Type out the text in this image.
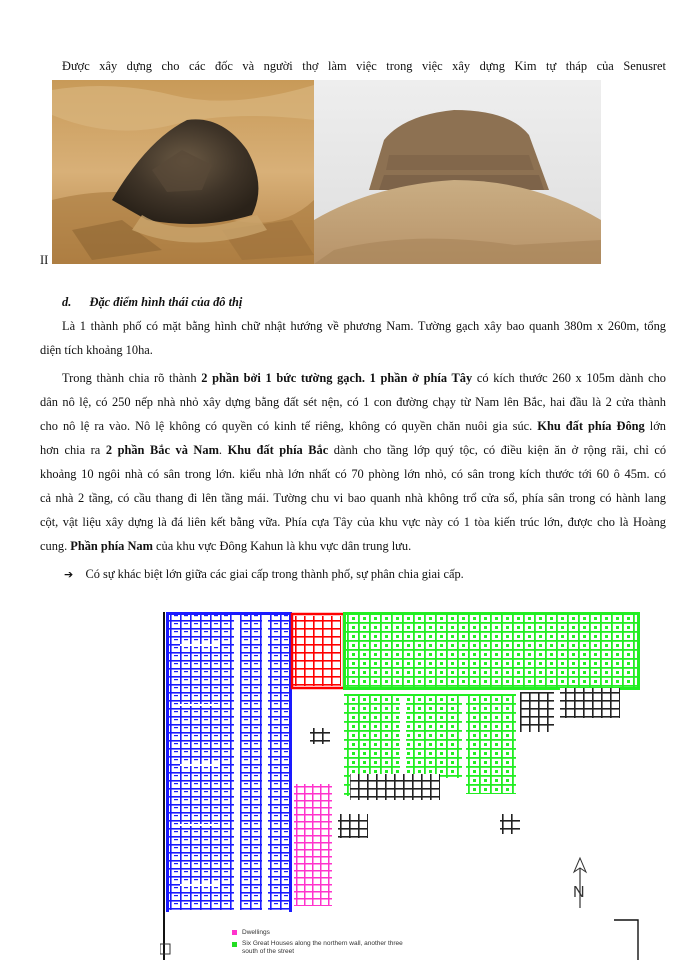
Được xây dựng cho các đốc và người thợ làm việc trong việc xây dựng Kim tự tháp của Senusret
II
d. Đặc điểm hình thái của đô thị
Là 1 thành phố có mặt bằng hình chữ nhật hướng về phương Nam. Tường gạch xây bao quanh 380m x 260m, tổng
diện tích khoảng 10ha.
Trong thành chia rõ thành 2 phần bởi 1 bức tường gạch. 1 phần ở phía Tây có kích thước 260 x 105m dành cho
dân nô lệ, có 250 nếp nhà nhỏ xây dựng bằng đất sét nện, có 1 con đường chạy từ Nam lên Bắc, hai đầu là 2 cửa thành
cho nô lệ ra vào. Nô lệ không có quyền có kinh tế riêng, không có quyền chăn nuôi gia súc. Khu đất phía Đông lớn
hơn chia ra 2 phần Bắc và Nam. Khu đất phía Bắc dành cho tầng lớp quý tộc, có điều kiện ăn ở rộng rãi, chỉ có
khoảng 10 ngôi nhà có sân trong lớn. kiểu nhà lớn nhất có 70 phòng lớn nhỏ, có sân trong kích thước tới 60 ô 45m. có
cả nhà 2 tầng, có cầu thang đi lên tầng mái. Tường chu vi bao quanh nhà không trổ cửa sổ, phía sân trong có hành lang
cột, vật liệu xây dựng là đá liên kết bằng vữa. Phía cựa Tây của khu vực này có 1 tòa kiến trúc lớn, được cho là Hoàng
cung. Phần phía Nam của khu vực Đông Kahun là khu vực dân trung lưu.
➔ Có sự khác biệt lớn giữa các giai cấp trong thành phố, sự phân chia giai cấp.
N
Dwellings
Six Great Houses along the northern wall, another three
south of the street
